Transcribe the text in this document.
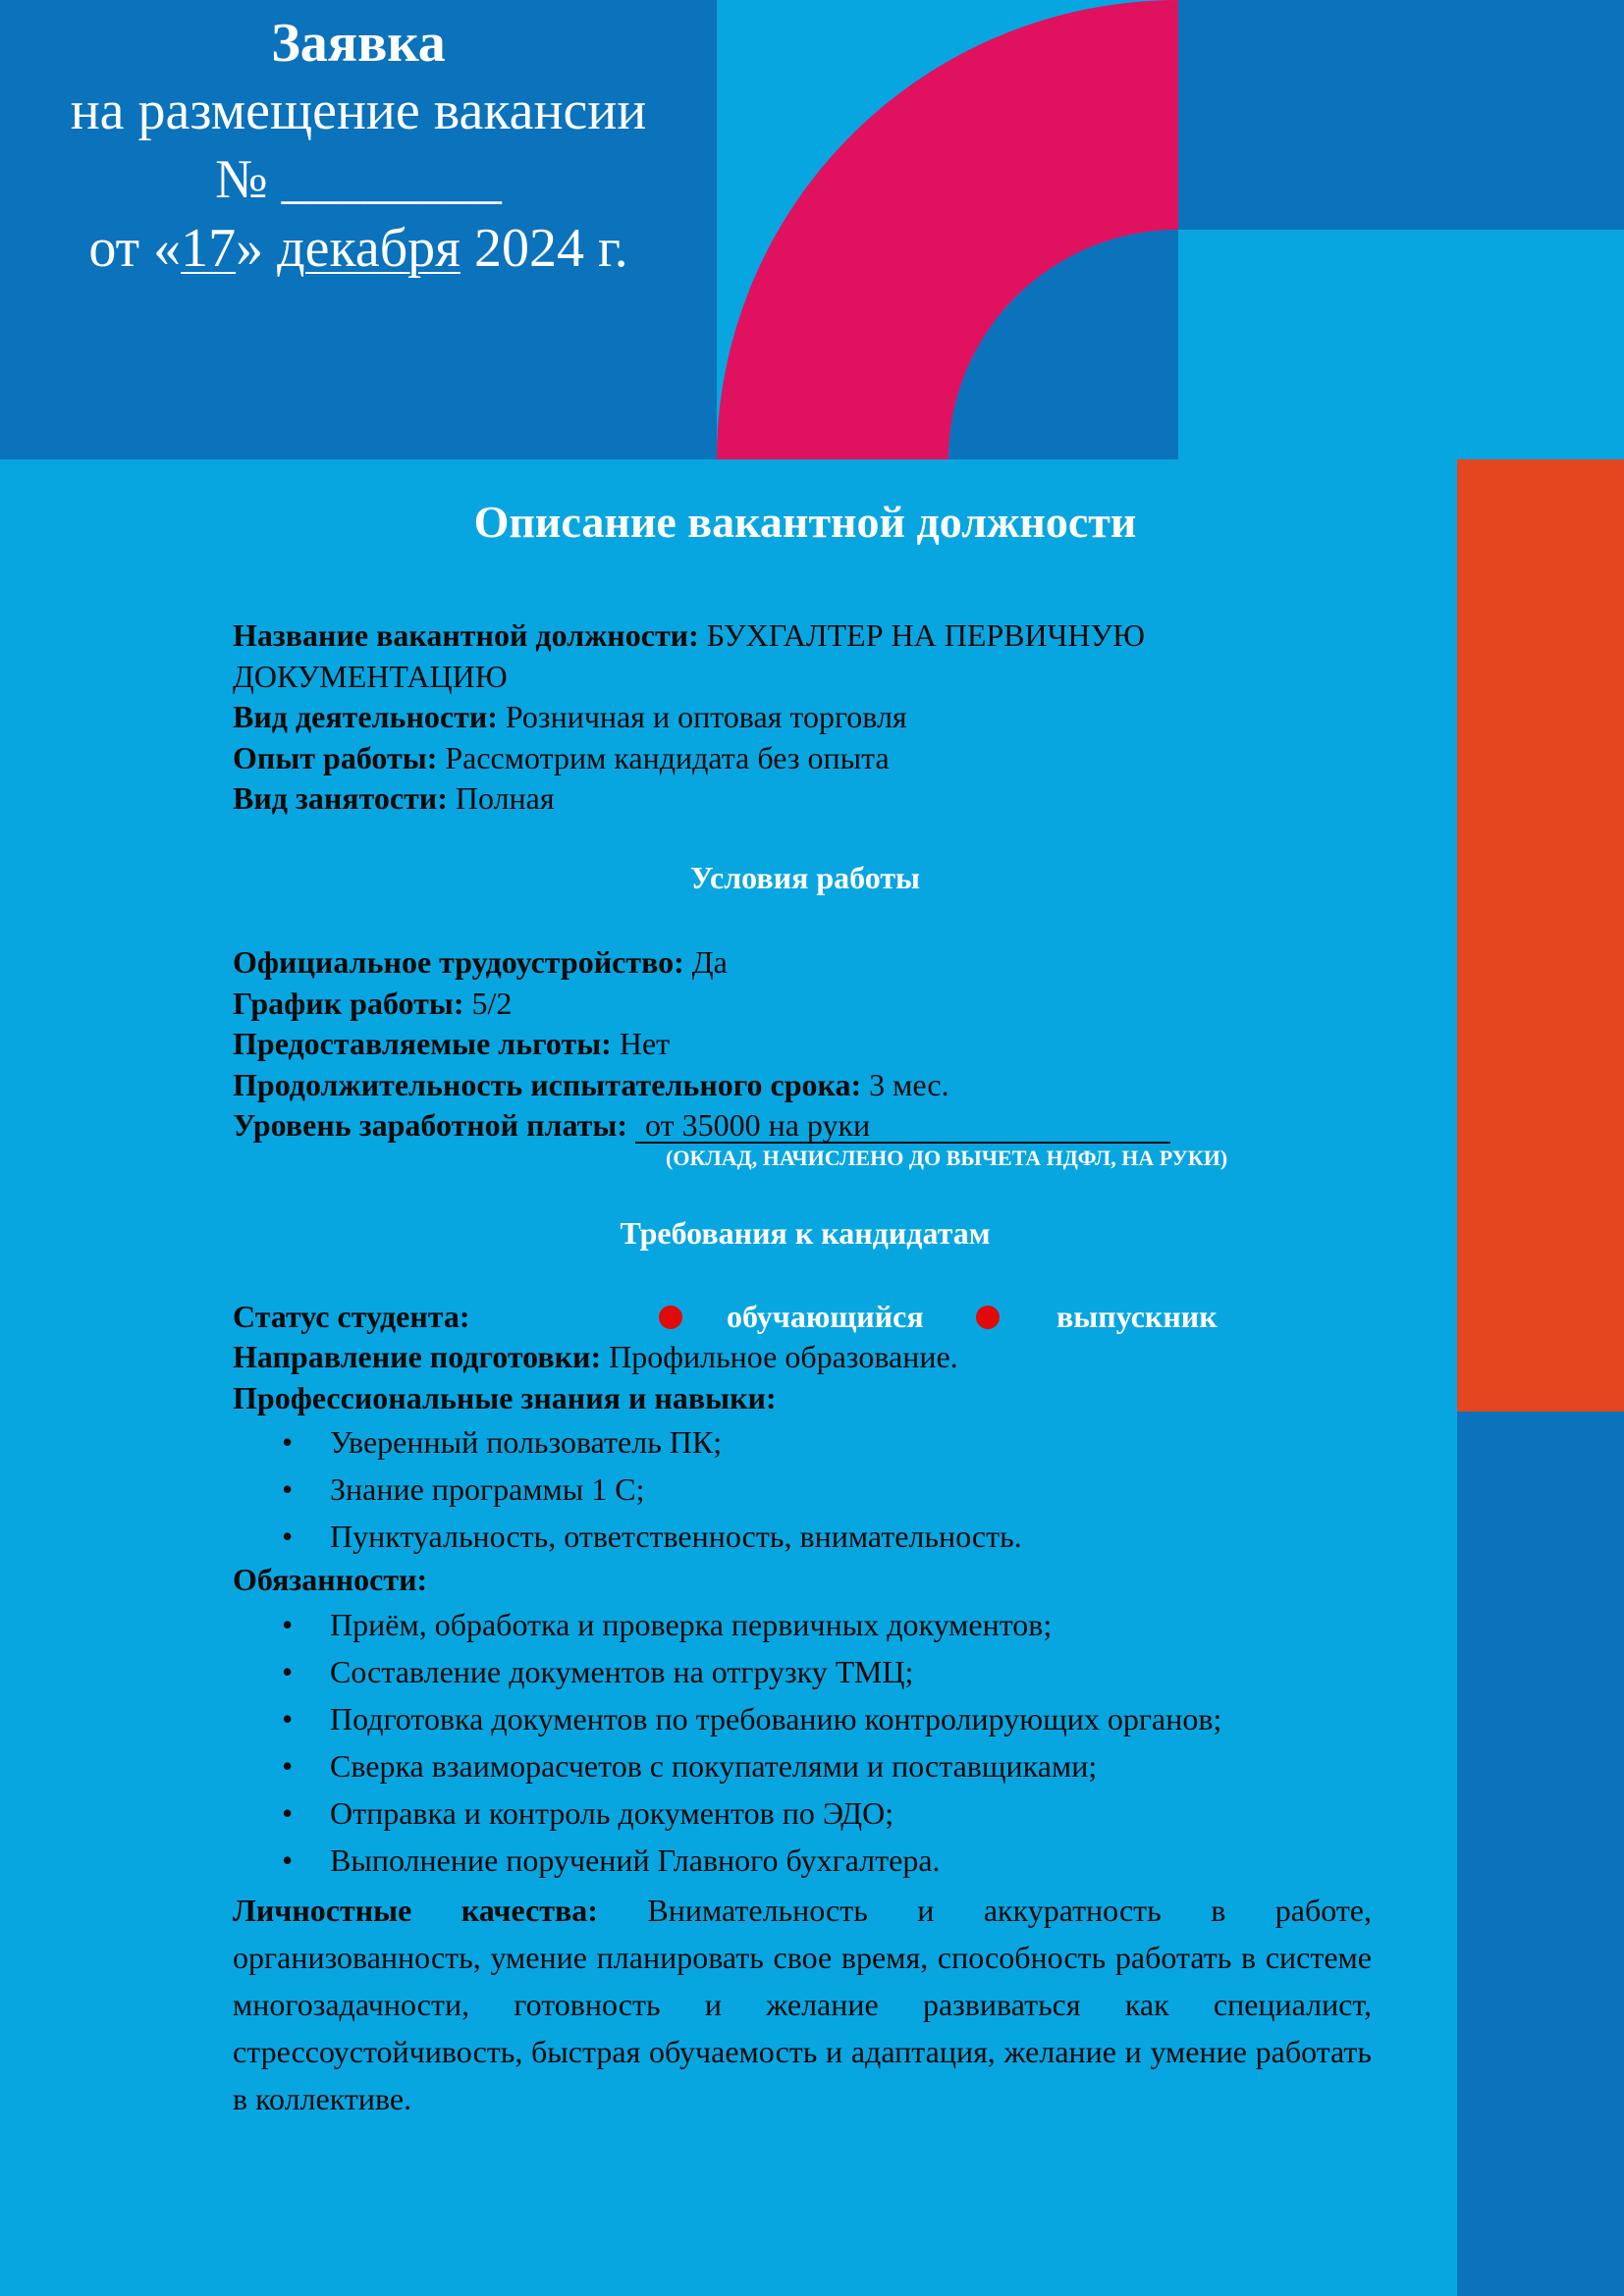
Заявка
на размещение вакансии
№ ________
от «17» декабря 2024 г.
Описание вакантной должности
Название вакантной должности: БУХГАЛТЕР НА ПЕРВИЧНУЮ ДОКУМЕНТАЦИЮ
Вид деятельности: Розничная и оптовая торговля
Опыт работы: Рассмотрим кандидата без опыта
Вид занятости: Полная
Условия работы
Официальное трудоустройство: Да
График работы: 5/2
Предоставляемые льготы: Нет
Продолжительность испытательного срока: 3 мес.
Уровень заработной платы: от 35000 на руки
(ОКЛАД, НАЧИСЛЕНО ДО ВЫЧЕТА НДФЛ, НА РУКИ)
Требования к кандидатам
Статус студента:	обучающийся	выпускник
Направление подготовки: Профильное образование.
Профессиональные знания и навыки:
• Уверенный пользователь ПК;
• Знание программы 1 С;
• Пунктуальность, ответственность, внимательность.
Обязанности:
• Приём, обработка и проверка первичных документов;
• Составление документов на отгрузку ТМЦ;
• Подготовка документов по требованию контролирующих органов;
• Сверка взаиморасчетов с покупателями и поставщиками;
• Отправка и контроль документов по ЭДО;
• Выполнение поручений Главного бухгалтера.
Личностные качества: Внимательность и аккуратность в работе, организованность, умение планировать свое время, способность работать в системе многозадачности, готовность и желание развиваться как специалист, стрессоустойчивость, быстрая обучаемость и адаптация, желание и умение работать в коллективе.
